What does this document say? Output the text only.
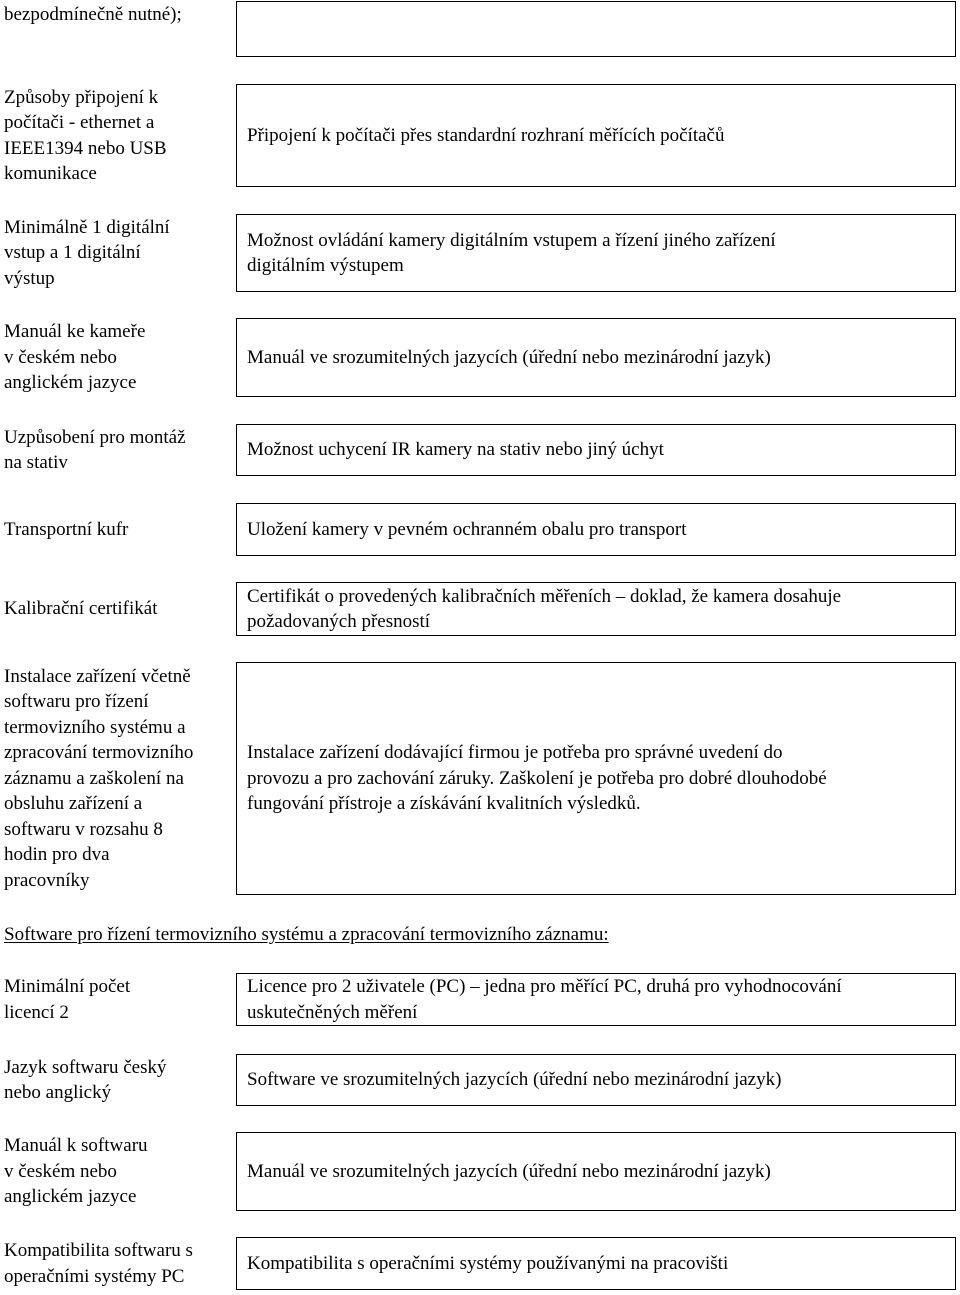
bezpodmínečně nutné);
Způsoby připojení k
počítači - ethernet a
IEEE1394 nebo USB
komunikace
Připojení k počítači přes standardní rozhraní měřících počítačů
Minimálně 1 digitální
vstup a 1 digitální
výstup
Možnost ovládání kamery digitálním vstupem a řízení jiného zařízení
digitálním výstupem
Manuál ke kameře
v českém nebo
anglickém jazyce
Manuál ve srozumitelných jazycích (úřední nebo mezinárodní jazyk)
Uzpůsobení pro montáž
na stativ
Možnost uchycení IR kamery na stativ nebo jiný úchyt
Transportní kufr	Uložení kamery v pevném ochranném obalu pro transport
Kalibrační certifikát
Certifikát o provedených kalibračních měřeních – doklad, že kamera dosahuje
požadovaných přesností
Instalace zařízení včetně
softwaru pro řízení
termovizního systému a
zpracování termovizního
záznamu a zaškolení na
obsluhu zařízení a
softwaru v rozsahu 8
hodin pro dva
pracovníky
Instalace zařízení dodávající firmou je potřeba pro správné uvedení do
provozu a pro zachování záruky. Zaškolení je potřeba pro dobré dlouhodobé
fungování přístroje a získávání kvalitních výsledků.
Software pro řízení termovizního systému a zpracování termovizního záznamu:
Minimální počet
licencí 2
Licence pro 2 uživatele (PC) – jedna pro měřící PC, druhá pro vyhodnocování
uskutečněných měření
Jazyk softwaru český
nebo anglický
Software ve srozumitelných jazycích (úřední nebo mezinárodní jazyk)
Manuál k softwaru
v českém nebo
anglickém jazyce
Manuál ve srozumitelných jazycích (úřední nebo mezinárodní jazyk)
Kompatibilita softwaru s
operačními systémy PC
Kompatibilita s operačními systémy používanými na pracovišti
